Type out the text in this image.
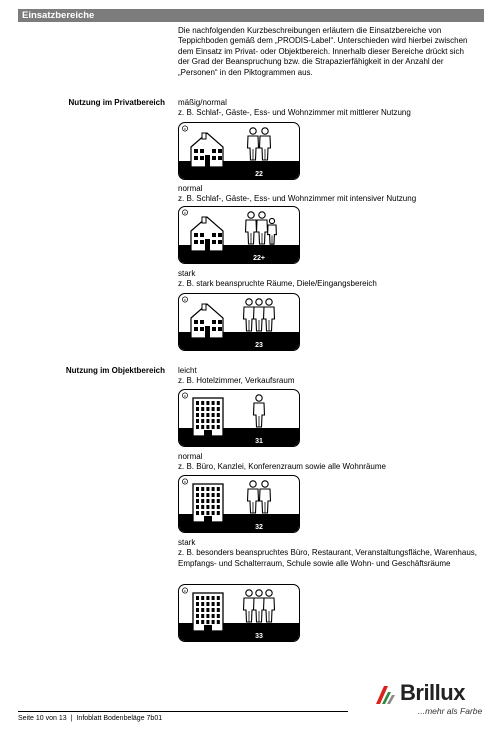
Einsatzbereiche
Die nachfolgenden Kurzbeschreibungen erläutern die Einsatzbereiche von Teppichboden gemäß dem „PRODIS-Label“. Unterschieden wird hierbei zwischen dem Einsatz im Privat- oder Objektbereich. Innerhalb dieser Bereiche drückt sich der Grad der Beanspruchung bzw. die Strapazierfähigkeit in der Anzahl der „Personen“ in den Piktogrammen aus.
Nutzung im Privatbereich mäßig/normal
z. B. Schlaf-, Gäste-, Ess- und Wohnzimmer mit mittlerer Nutzung
c
22
normal
z. B. Schlaf-, Gäste-, Ess- und Wohnzimmer mit intensiver Nutzung
c
22+
stark
z. B. stark beanspruchte Räume, Diele/Eingangsbereich
c
23
Nutzung im Objektbereich leicht
z. B. Hotelzimmer, Verkaufsraum
c
31
normal
z. B. Büro, Kanzlei, Konferenzraum sowie alle Wohnräume
c
32
stark
z. B. besonders beanspruchtes Büro, Restaurant, Veranstaltungsfläche, Warenhaus, Empfangs- und Schalterraum, Schule sowie alle Wohn- und Geschäftsräume
c
33
Seite 10 von 13 | Infoblatt Bodenbeläge 7b01
Brillux
...mehr als Farbe
